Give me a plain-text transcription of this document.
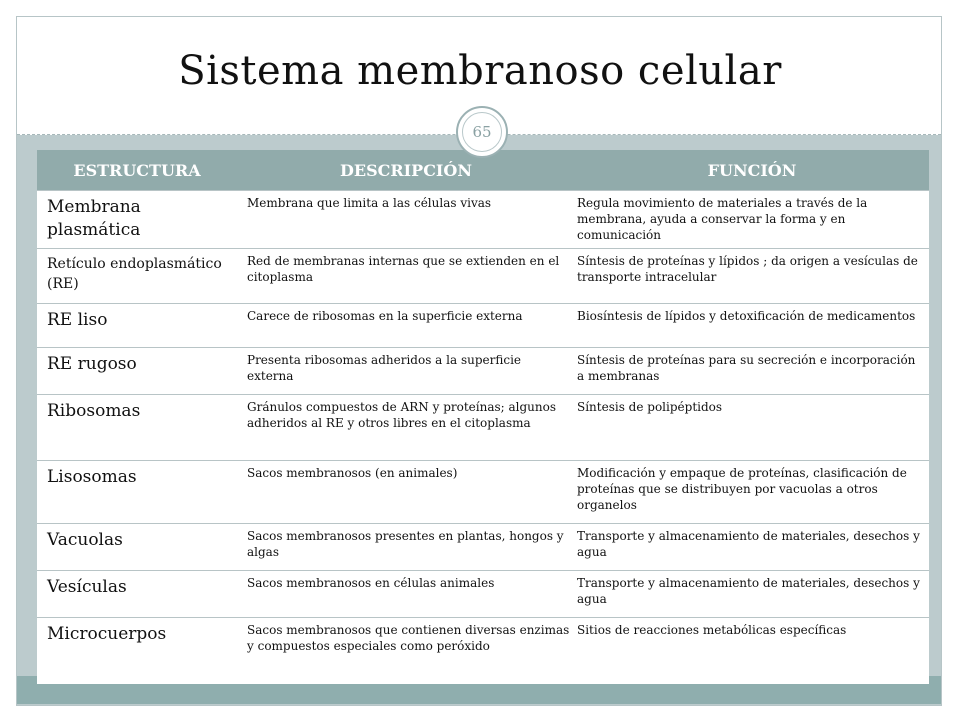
Sistema membranoso celular
65
ESTRUCTURA	DESCRIPCIÓN	FUNCIÓN
Membrana plasmática	Membrana que limita a las células vivas	Regula movimiento de materiales a través de la membrana, ayuda a conservar la forma y en comunicación
Retículo endoplasmático (RE)	Red de membranas internas que se extienden en el citoplasma	Síntesis de proteínas y lípidos ; da origen a vesículas de transporte intracelular
RE liso	Carece de ribosomas en la superficie externa	Biosíntesis de lípidos y detoxificación de medicamentos
RE rugoso	Presenta ribosomas adheridos a la superficie externa	Síntesis de proteínas para su secreción e incorporación a membranas
Ribosomas	Gránulos compuestos de ARN y proteínas; algunos adheridos al RE y otros libres en el citoplasma	Síntesis de polipéptidos
Lisosomas	Sacos membranosos (en animales)	Modificación y empaque de proteínas, clasificación de proteínas que se distribuyen por vacuolas a otros organelos
Vacuolas	Sacos membranosos presentes en plantas, hongos y algas	Transporte y almacenamiento de materiales, desechos y agua
Vesículas	Sacos membranosos en células animales	Transporte y almacenamiento de materiales, desechos y agua
Microcuerpos	Sacos membranosos que contienen diversas enzimas y compuestos especiales como peróxido	Sitios de reacciones metabólicas específicas
